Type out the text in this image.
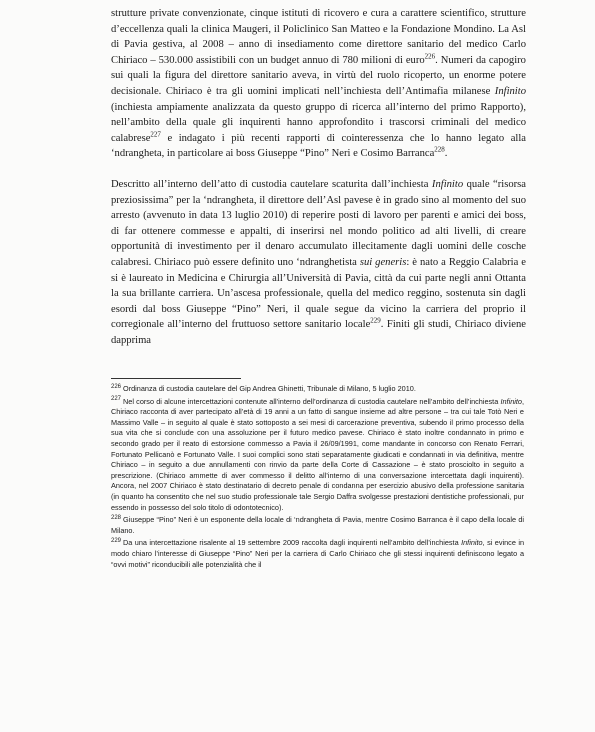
strutture private convenzionate, cinque istituti di ricovero e cura a carattere scientifico, strutture d’eccellenza quali la clinica Maugeri, il Policlinico San Matteo e la Fondazione Mondino. La Asl di Pavia gestiva, al 2008 – anno di insediamento come direttore sanitario del medico Carlo Chiriaco – 530.000 assistibili con un budget annuo di 780 milioni di euro$^{226}$. Numeri da capogiro sui quali la figura del direttore sanitario aveva, in virtù del ruolo ricoperto, un enorme potere decisionale. Chiriaco è tra gli uomini implicati nell’inchiesta dell’Antimafia milanese Infinito (inchiesta ampiamente analizzata da questo gruppo di ricerca all’interno del primo Rapporto), nell’ambito della quale gli inquirenti hanno approfondito i trascorsi criminali del medico calabrese$^{227}$ e indagato i più recenti rapporti di cointeressenza che lo hanno legato alla ‘ndrangheta, in particolare ai boss Giuseppe “Pino” Neri e Cosimo Barranca$^{228}$.

Descritto all’interno dell’atto di custodia cautelare scaturita dall’inchiesta Infinito quale “risorsa preziosissima” per la ‘ndrangheta, il direttore dell’Asl pavese è in grado sino al momento del suo arresto (avvenuto in data 13 luglio 2010) di reperire posti di lavoro per parenti e amici dei boss, di far ottenere commesse e appalti, di inserirsi nel mondo politico ad alti livelli, di creare opportunità di investimento per il denaro accumulato illecitamente dagli uomini delle cosche calabresi. Chiriaco può essere definito uno ‘ndranghetista sui generis: è nato a Reggio Calabria e si è laureato in Medicina e Chirurgia all’Università di Pavia, città da cui parte negli anni Ottanta la sua brillante carriera. Un’ascesa professionale, quella del medico reggino, sostenuta sin dagli esordi dal boss Giuseppe “Pino” Neri, il quale segue da vicino la carriera del proprio il corregionale all’interno del fruttuoso settore sanitario locale$^{229}$. Finiti gli studi, Chiriaco diviene dapprima

$^{226}$ Ordinanza di custodia cautelare del Gip Andrea Ghinetti, Tribunale di Milano, 5 luglio 2010.

$^{227}$ Nel corso di alcune intercettazioni contenute all’interno dell’ordinanza di custodia cautelare nell’ambito dell’inchiesta Infinito, Chiriaco racconta di aver partecipato all’età di 19 anni a un fatto di sangue insieme ad altre persone – tra cui tale Totò Neri e Massimo Valle – in seguito al quale è stato sottoposto a sei mesi di carcerazione preventiva, subendo il primo processo della sua vita che si conclude con una assoluzione per il futuro medico pavese. Chiriaco è stato inoltre condannato in primo e secondo grado per il reato di estorsione commesso a Pavia il 26/09/1991, come mandante in concorso con Renato Ferrari, Fortunato Pellicanò e Fortunato Valle. I suoi complici sono stati separatamente giudicati e condannati in via definitiva, mentre Chiriaco – in seguito a due annullamenti con rinvio da parte della Corte di Cassazione – è stato prosciolto in seguito a prescrizione. (Chiriaco ammette di aver commesso il delitto all’interno di una conversazione intercettata dagli inquirenti). Ancora, nel 2007 Chiriaco è stato destinatario di decreto penale di condanna per esercizio abusivo della professione sanitaria (in quanto ha consentito che nel suo studio professionale tale Sergio Daffra svolgesse prestazioni dentistiche professionali, pur essendo in possesso del solo titolo di odontotecnico).

$^{228}$ Giuseppe “Pino” Neri è un esponente della locale di ‘ndrangheta di Pavia, mentre Cosimo Barranca è il capo della locale di Milano.

$^{229}$ Da una intercettazione risalente al 19 settembre 2009 raccolta dagli inquirenti nell’ambito dell’inchiesta Infinito, si evince in modo chiaro l’interesse di Giuseppe “Pino” Neri per la carriera di Carlo Chiriaco che gli stessi inquirenti definiscono legato a “ovvi motivi” riconducibili alle potenzialità che il
